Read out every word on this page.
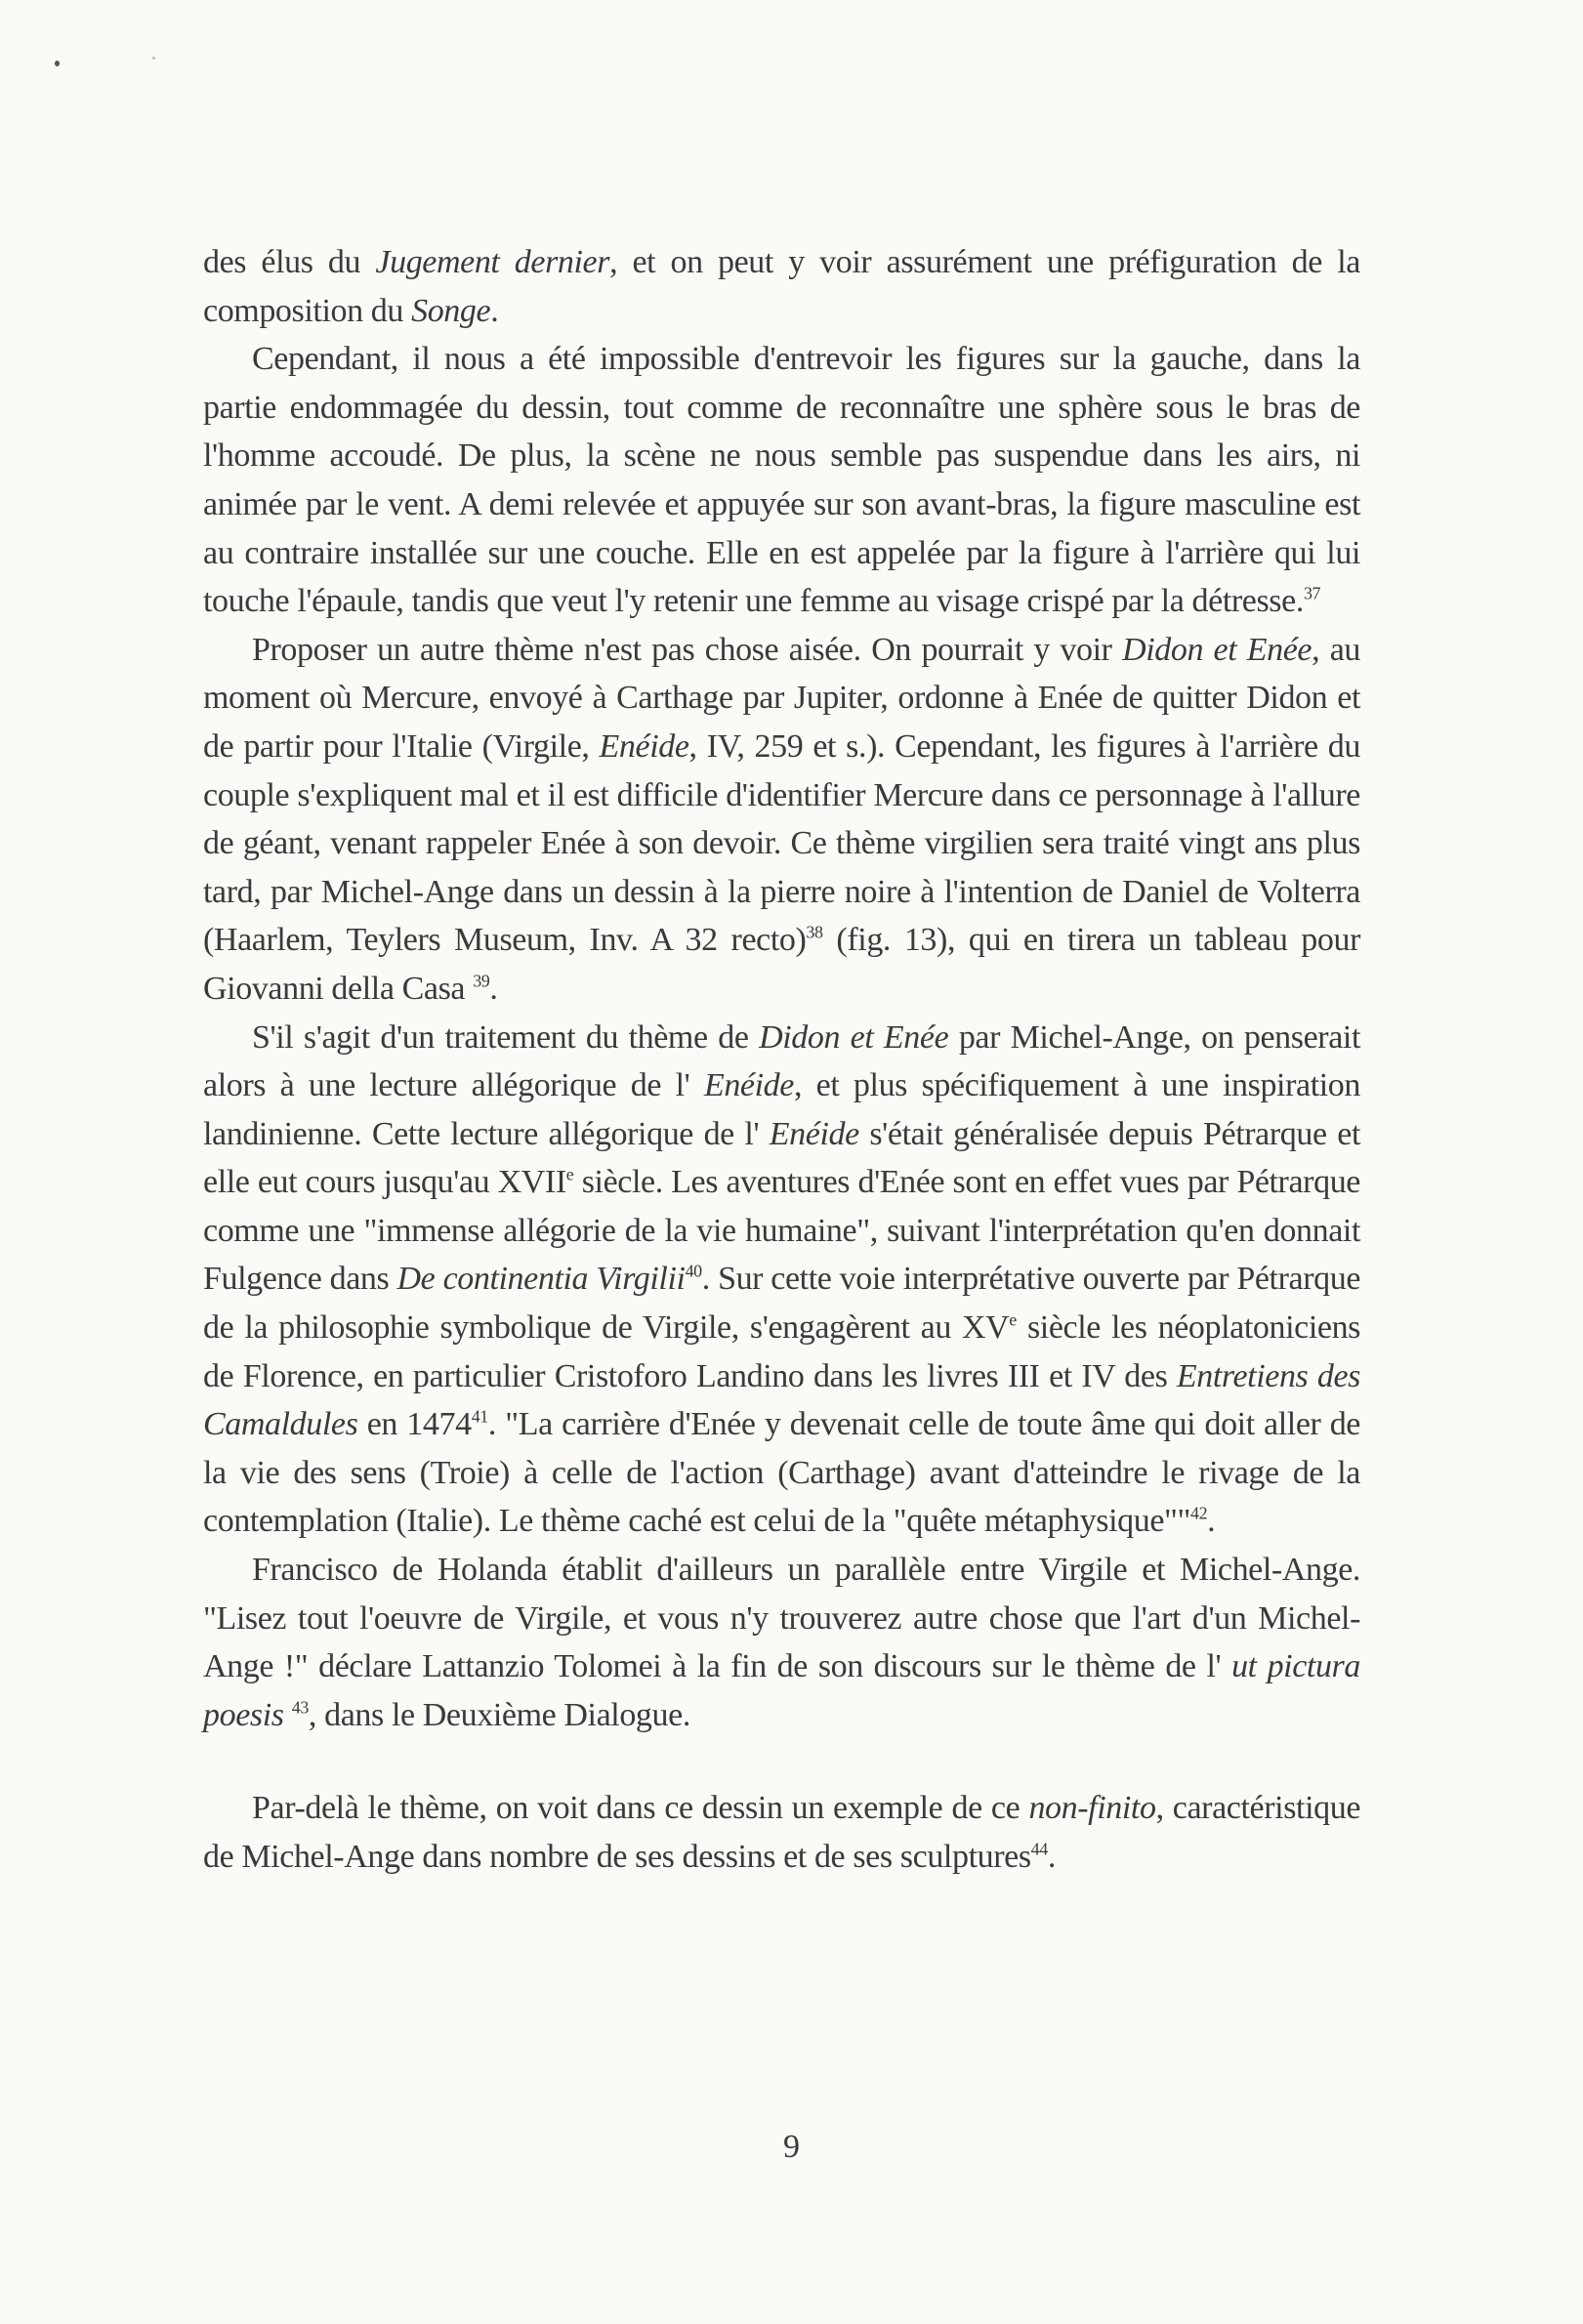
des élus du Jugement dernier, et on peut y voir assurément une préfiguration de la composition du Songe.

Cependant, il nous a été impossible d'entrevoir les figures sur la gauche, dans la partie endommagée du dessin, tout comme de reconnaître une sphère sous le bras de l'homme accoudé. De plus, la scène ne nous semble pas suspendue dans les airs, ni animée par le vent. A demi relevée et appuyée sur son avant-bras, la figure masculine est au contraire installée sur une couche. Elle en est appelée par la figure à l'arrière qui lui touche l'épaule, tandis que veut l'y retenir une femme au visage crispé par la détresse.$^{37}$

Proposer un autre thème n'est pas chose aisée. On pourrait y voir Didon et Enée, au moment où Mercure, envoyé à Carthage par Jupiter, ordonne à Enée de quitter Didon et de partir pour l'Italie (Virgile, Enéide, IV, 259 et s.). Cependant, les figures à l'arrière du couple s'expliquent mal et il est difficile d'identifier Mercure dans ce personnage à l'allure de géant, venant rappeler Enée à son devoir. Ce thème virgilien sera traité vingt ans plus tard, par Michel-Ange dans un dessin à la pierre noire à l'intention de Daniel de Volterra (Haarlem, Teylers Museum, Inv. A 32 recto)$^{38}$ (fig. 13), qui en tirera un tableau pour Giovanni della Casa $^{39}$.

S'il s'agit d'un traitement du thème de Didon et Enée par Michel-Ange, on penserait alors à une lecture allégorique de l' Enéide, et plus spécifiquement à une inspiration landinienne. Cette lecture allégorique de l' Enéide s'était généralisée depuis Pétrarque et elle eut cours jusqu'au XVIIe siècle. Les aventures d'Enée sont en effet vues par Pétrarque comme une "immense allégorie de la vie humaine", suivant l'interprétation qu'en donnait Fulgence dans De continentia Virgilii$^{40}$. Sur cette voie interprétative ouverte par Pétrarque de la philosophie symbolique de Virgile, s'engagèrent au XVe siècle les néoplatoniciens de Florence, en particulier Cristoforo Landino dans les livres III et IV des Entretiens des Camaldules en 1474$^{41}$. "La carrière d'Enée y devenait celle de toute âme qui doit aller de la vie des sens (Troie) à celle de l'action (Carthage) avant d'atteindre le rivage de la contemplation (Italie). Le thème caché est celui de la "quête métaphysique""$^{42}$.

Francisco de Holanda établit d'ailleurs un parallèle entre Virgile et Michel-Ange. "Lisez tout l'oeuvre de Virgile, et vous n'y trouverez autre chose que l'art d'un Michel-Ange !" déclare Lattanzio Tolomei à la fin de son discours sur le thème de l' ut pictura poesis $^{43}$, dans le Deuxième Dialogue.

Par-delà le thème, on voit dans ce dessin un exemple de ce non-finito, caractéristique de Michel-Ange dans nombre de ses dessins et de ses sculptures$^{44}$.

9
